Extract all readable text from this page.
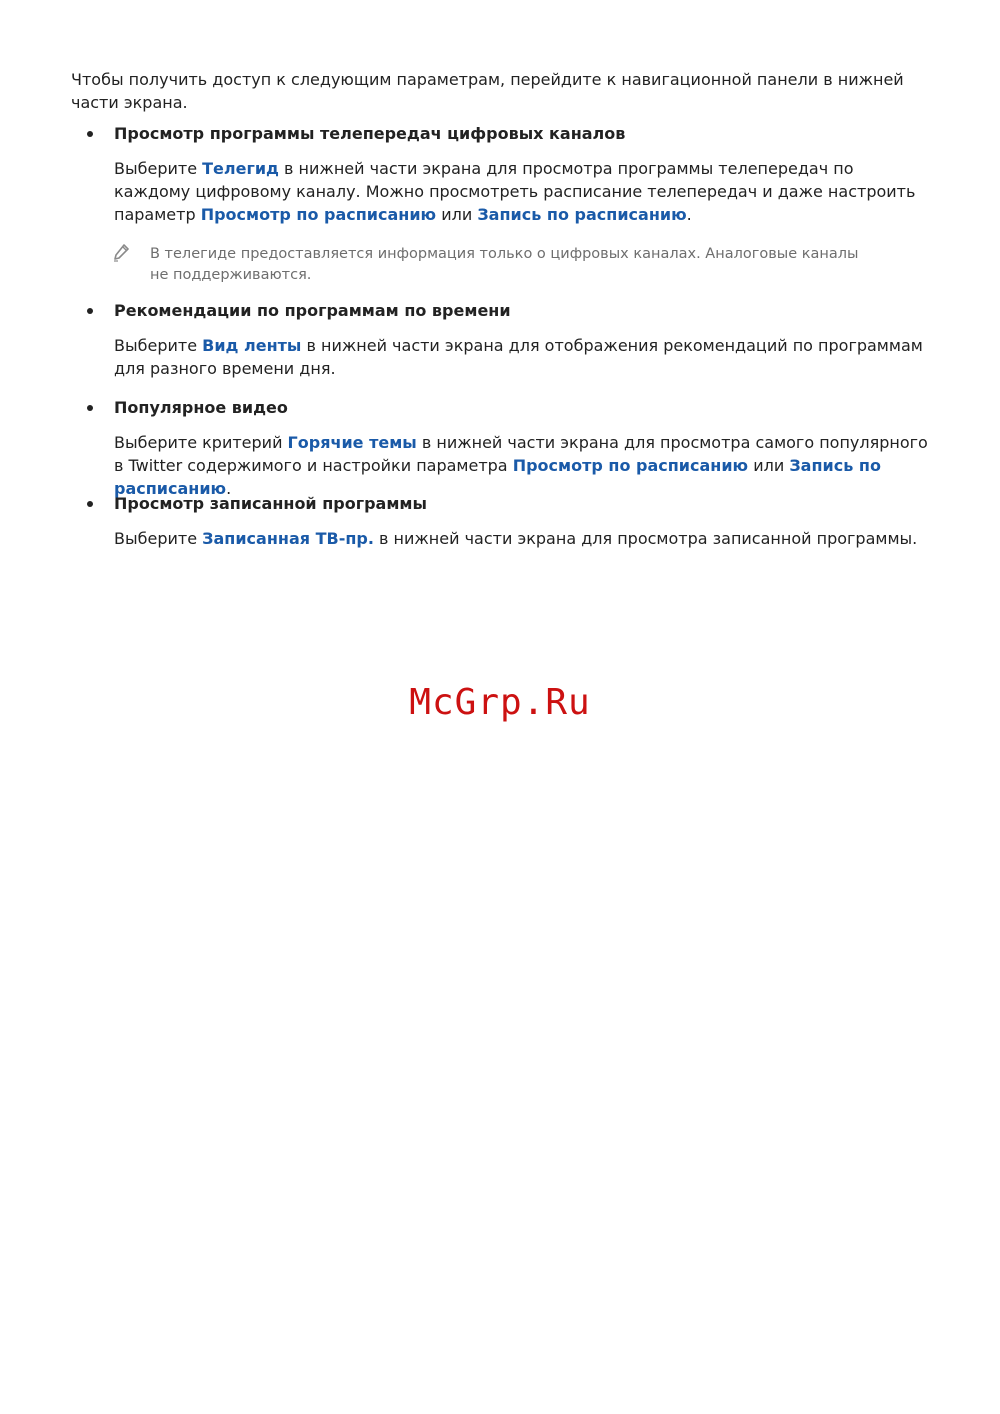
Чтобы получить доступ к следующим параметрам, перейдите к навигационной панели в нижней части экрана.
Просмотр программы телепередач цифровых каналов
Выберите Телегид в нижней части экрана для просмотра программы телепередач по каждому цифровому каналу. Можно просмотреть расписание телепередач и даже настроить параметр Просмотр по расписанию или Запись по расписанию.
В телегиде предоставляется информация только о цифровых каналах. Аналоговые каналы не поддерживаются.
Рекомендации по программам по времени
Выберите Вид ленты в нижней части экрана для отображения рекомендаций по программам для разного времени дня.
Популярное видео
Выберите критерий Горячие темы в нижней части экрана для просмотра самого популярного в Twitter содержимого и настройки параметра Просмотр по расписанию или Запись по расписанию.
Просмотр записанной программы
Выберите Записанная ТВ-пр. в нижней части экрана для просмотра записанной программы.
McGrp.Ru
